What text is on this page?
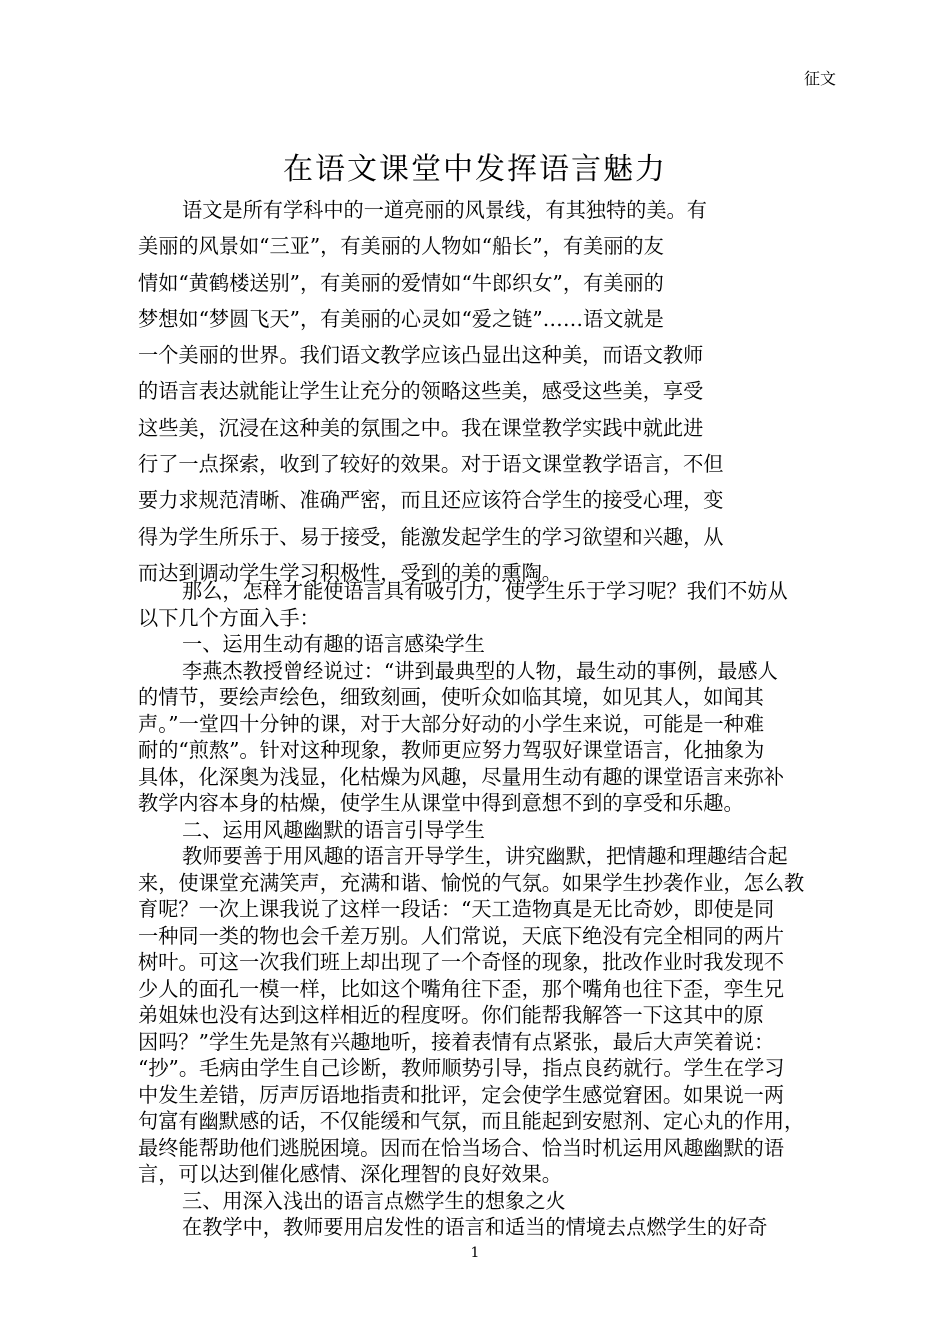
征文
在语文课堂中发挥语言魅力
语文是所有学科中的一道亮丽的风景线，有其独特的美。有
美丽的风景如“三亚”，有美丽的人物如“船长”，有美丽的友
情如“黄鹤楼送别”，有美丽的爱情如“牛郎织女”，有美丽的
梦想如“梦圆飞天”，有美丽的心灵如“爱之链”……语文就是
一个美丽的世界。我们语文教学应该凸显出这种美，而语文教师
的语言表达就能让学生让充分的领略这些美，感受这些美，享受
这些美，沉浸在这种美的氛围之中。我在课堂教学实践中就此进
行了一点探索，收到了较好的效果。对于语文课堂教学语言，不但
要力求规范清晰、准确严密，而且还应该符合学生的接受心理，变
得为学生所乐于、易于接受，能激发起学生的学习欲望和兴趣，从
而达到调动学生学习积极性，受到的美的熏陶。
那么，怎样才能使语言具有吸引力，使学生乐于学习呢？我们不妨从
以下几个方面入手：
一、运用生动有趣的语言感染学生
李燕杰教授曾经说过：“讲到最典型的人物，最生动的事例，最感人
的情节，要绘声绘色，细致刻画，使听众如临其境，如见其人，如闻其
声。”一堂四十分钟的课，对于大部分好动的小学生来说，可能是一种难
耐的“煎熬”。针对这种现象，教师更应努力驾驭好课堂语言，化抽象为
具体，化深奥为浅显，化枯燥为风趣，尽量用生动有趣的课堂语言来弥补
教学内容本身的枯燥，使学生从课堂中得到意想不到的享受和乐趣。
二、运用风趣幽默的语言引导学生
教师要善于用风趣的语言开导学生，讲究幽默，把情趣和理趣结合起
来，使课堂充满笑声，充满和谐、愉悦的气氛。如果学生抄袭作业，怎么教
育呢？一次上课我说了这样一段话：“天工造物真是无比奇妙，即使是同
一种同一类的物也会千差万别。人们常说，天底下绝没有完全相同的两片
树叶。可这一次我们班上却出现了一个奇怪的现象，批改作业时我发现不
少人的面孔一模一样，比如这个嘴角往下歪，那个嘴角也往下歪，孪生兄
弟姐妹也没有达到这样相近的程度呀。你们能帮我解答一下这其中的原
因吗？”学生先是煞有兴趣地听，接着表情有点紧张，最后大声笑着说：
“抄”。毛病由学生自己诊断，教师顺势引导，指点良药就行。学生在学习
中发生差错，厉声厉语地指责和批评，定会使学生感觉窘困。如果说一两
句富有幽默感的话，不仅能缓和气氛，而且能起到安慰剂、定心丸的作用，
最终能帮助他们逃脱困境。因而在恰当场合、恰当时机运用风趣幽默的语
言，可以达到催化感情、深化理智的良好效果。
三、用深入浅出的语言点燃学生的想象之火
在教学中，教师要用启发性的语言和适当的情境去点燃学生的好奇
1
